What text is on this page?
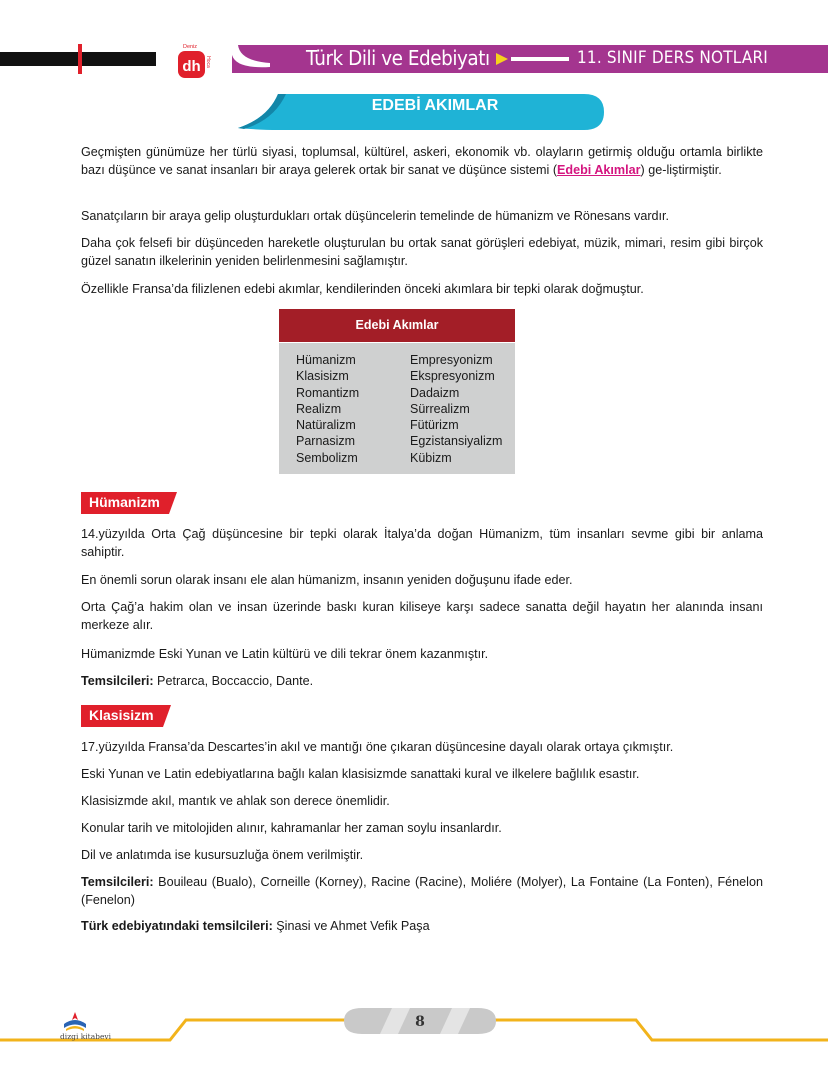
dh
Deniz
Hoca	Türk Dili ve Edebiyatı	11. SINIF DERS NOTLARI
EDEBİ AKIMLAR

Geçmişten günümüze her türlü siyasi, toplumsal, kültürel, askeri, ekonomik vb. olayların getirmiş olduğu ortamla birlikte bazı düşünce ve sanat insanları bir araya gelerek ortak bir sanat ve düşünce sistemi (Edebi Akımlar) ge-liştirmiştir.

Sanatçıların bir araya gelip oluşturdukları ortak düşüncelerin temelinde de hümanizm ve Rönesans vardır.

Daha çok felsefi bir düşünceden hareketle oluşturulan bu ortak sanat görüşleri edebiyat, müzik, mimari, resim gibi birçok güzel sanatın ilkelerinin yeniden belirlenmesini sağlamıştır.

Özellikle Fransa’da filizlenen edebi akımlar, kendilerinden önceki akımlara bir tepki olarak doğmuştur.

Edebi Akımlar
Hümanizm
Klasisizm
Romantizm
Realizm
Natüralizm
Parnasizm
Sembolizm
Empresyonizm
Ekspresyonizm
Dadaizm
Sürrealizm
Fütürizm
Egzistansiyalizm
Kübizm
Hümanizm

14.yüzyılda Orta Çağ düşüncesine bir tepki olarak İtalya’da doğan Hümanizm, tüm insanları sevme gibi bir anlama sahiptir.

En önemli sorun olarak insanı ele alan hümanizm, insanın yeniden doğuşunu ifade eder.

Orta Çağ’a hakim olan ve insan üzerinde baskı kuran kiliseye karşı sadece sanatta değil hayatın her alanında insanı merkeze alır.

Hümanizmde Eski Yunan ve Latin kültürü ve dili tekrar önem kazanmıştır.

Temsilcileri: Petrarca, Boccaccio, Dante.

Klasisizm

17.yüzyılda Fransa’da Descartes’in akıl ve mantığı öne çıkaran düşüncesine dayalı olarak ortaya çıkmıştır.

Eski Yunan ve Latin edebiyatlarına bağlı kalan klasisizmde sanattaki kural ve ilkelere bağlılık esastır.

Klasisizmde akıl, mantık ve ahlak son derece önemlidir.

Konular tarih ve mitolojiden alınır, kahramanlar her zaman soylu insanlardır.

Dil ve anlatımda ise kusursuzluğa önem verilmiştir.

Temsilcileri: Bouileau (Bualo), Corneille (Korney), Racine (Racine), Moliére (Molyer), La Fontaine (La Fonten), Fénelon (Fenelon)

Türk edebiyatındaki temsilcileri: Şinasi ve Ahmet Vefik Paşa

8
dizgi kitabevi
